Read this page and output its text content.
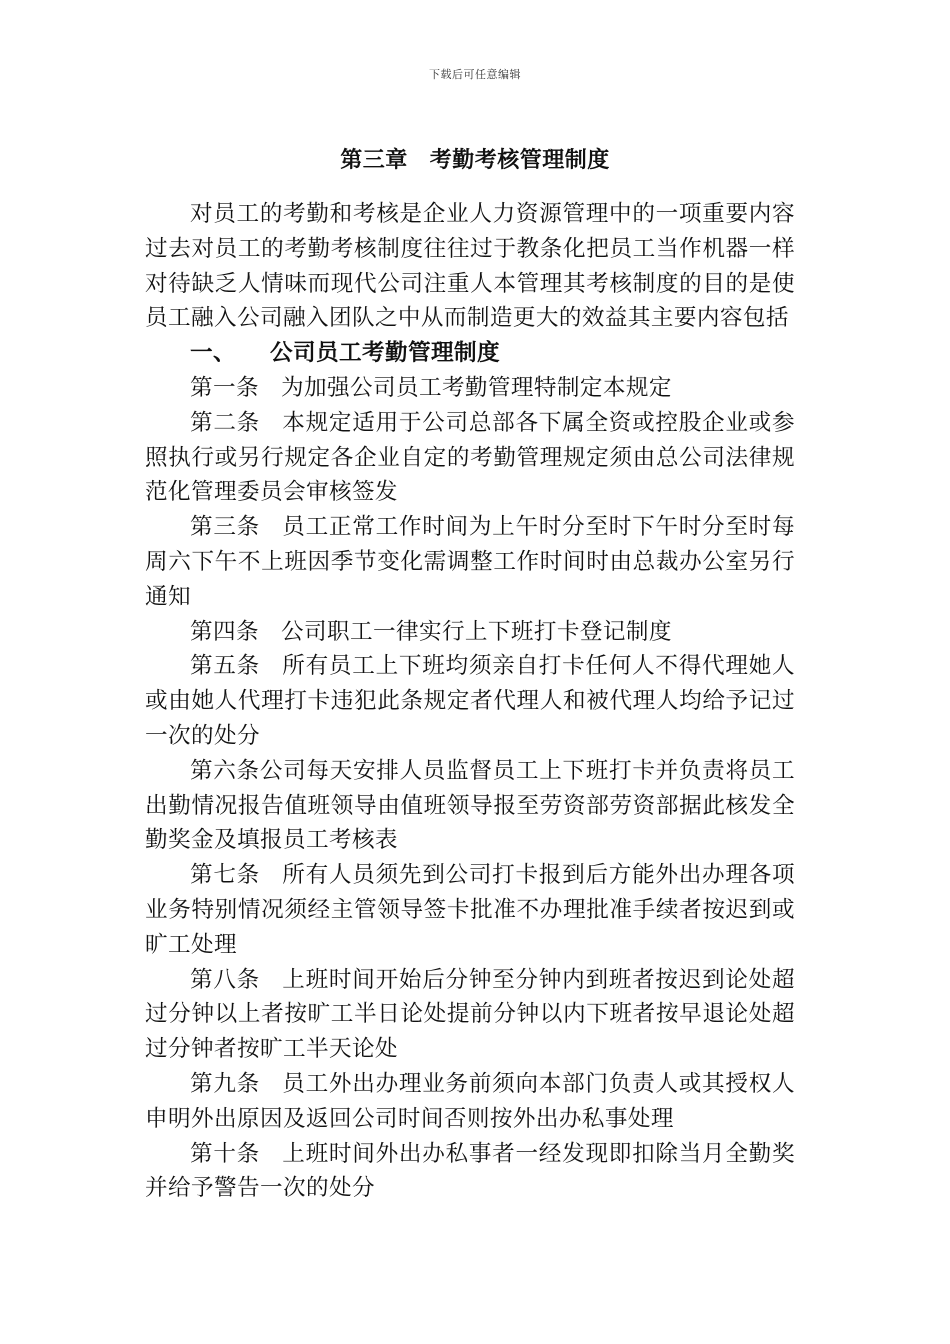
下载后可任意编辑
第三章 考勤考核管理制度

对员工的考勤和考核是企业人力资源管理中的一项重要内容过去对员工的考勤考核制度往往过于教条化把员工当作机器一样对待缺乏人情味而现代公司注重人本管理其考核制度的目的是使员工融入公司融入团队之中从而制造更大的效益其主要内容包括

一、 公司员工考勤管理制度

第一条 为加强公司员工考勤管理特制定本规定

第二条 本规定适用于公司总部各下属全资或控股企业或参照执行或另行规定各企业自定的考勤管理规定须由总公司法律规范化管理委员会审核签发

第三条 员工正常工作时间为上午时分至时下午时分至时每周六下午不上班因季节变化需调整工作时间时由总裁办公室另行通知

第四条 公司职工一律实行上下班打卡登记制度

第五条 所有员工上下班均须亲自打卡任何人不得代理她人或由她人代理打卡违犯此条规定者代理人和被代理人均给予记过一次的处分

第六条公司每天安排人员监督员工上下班打卡并负责将员工出勤情况报告值班领导由值班领导报至劳资部劳资部据此核发全勤奖金及填报员工考核表

第七条 所有人员须先到公司打卡报到后方能外出办理各项业务特别情况须经主管领导签卡批准不办理批准手续者按迟到或旷工处理

第八条 上班时间开始后分钟至分钟内到班者按迟到论处超过分钟以上者按旷工半日论处提前分钟以内下班者按早退论处超过分钟者按旷工半天论处

第九条 员工外出办理业务前须向本部门负责人或其授权人申明外出原因及返回公司时间否则按外出办私事处理

第十条 上班时间外出办私事者一经发现即扣除当月全勤奖并给予警告一次的处分
